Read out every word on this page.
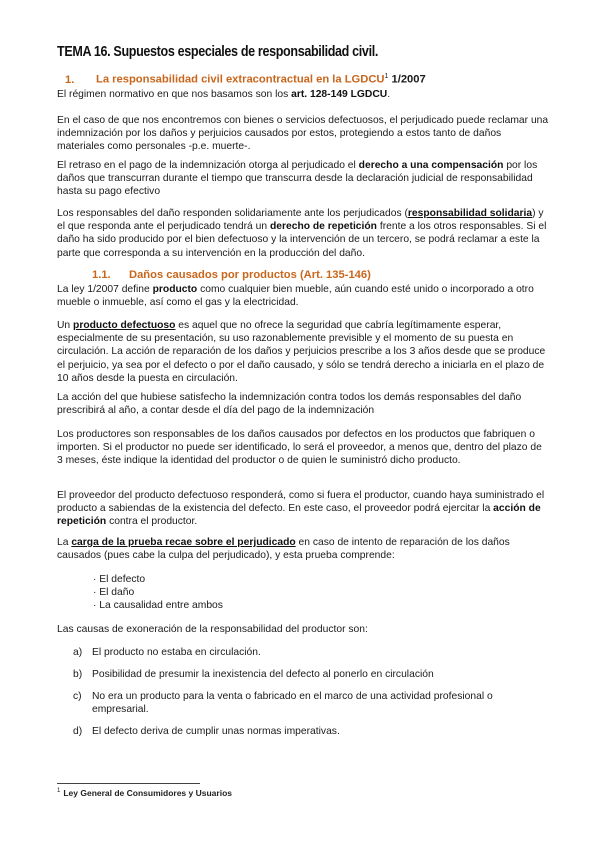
TEMA 16. Supuestos especiales de responsabilidad civil.
1. La responsabilidad civil extracontractual en la LGDCU$^1$ 1/2007
El régimen normativo en que nos basamos son los art. 128-149 LGDCU.
En el caso de que nos encontremos con bienes o servicios defectuosos, el perjudicado puede reclamar una indemnización por los daños y perjuicios causados por estos, protegiendo a estos tanto de daños materiales como personales -p.e. muerte-.
El retraso en el pago de la indemnización otorga al perjudicado el derecho a una compensación por los daños que transcurran durante el tiempo que transcurra desde la declaración judicial de responsabilidad hasta su pago efectivo
Los responsables del daño responden solidariamente ante los perjudicados (responsabilidad solidaria) y el que responda ante el perjudicado tendrá un derecho de repetición frente a los otros responsables. Si el daño ha sido producido por el bien defectuoso y la intervención de un tercero, se podrá reclamar a este la parte que corresponda a su intervención en la producción del daño.
1.1. Daños causados por productos (Art. 135-146)
La ley 1/2007 define producto como cualquier bien mueble, aún cuando esté unido o incorporado a otro mueble o inmueble, así como el gas y la electricidad.
Un producto defectuoso es aquel que no ofrece la seguridad que cabría legítimamente esperar, especialmente de su presentación, su uso razonablemente previsible y el momento de su puesta en circulación. La acción de reparación de los daños y perjuicios prescribe a los 3 años desde que se produce el perjuicio, ya sea por el defecto o por el daño causado, y sólo se tendrá derecho a iniciarla en el plazo de 10 años desde la puesta en circulación.
La acción del que hubiese satisfecho la indemnización contra todos los demás responsables del daño prescribirá al año, a contar desde el día del pago de la indemnización
Los productores son responsables de los daños causados por defectos en los productos que fabriquen o importen. Si el productor no puede ser identificado, lo será el proveedor, a menos que, dentro del plazo de 3 meses, éste indique la identidad del productor o de quien le suministró dicho producto.
El proveedor del producto defectuoso responderá, como si fuera el productor, cuando haya suministrado el producto a sabiendas de la existencia del defecto. En este caso, el proveedor podrá ejercitar la acción de repetición contra el productor.
La carga de la prueba recae sobre el perjudicado en caso de intento de reparación de los daños causados (pues cabe la culpa del perjudicado), y esta prueba comprende:
· El defecto
· El daño
· La causalidad entre ambos
Las causas de exoneración de la responsabilidad del productor son:
a) El producto no estaba en circulación.
b) Posibilidad de presumir la inexistencia del defecto al ponerlo en circulación
c)	No era un producto para la venta o fabricado en el marco de una actividad profesional o empresarial.
d) El defecto deriva de cumplir unas normas imperativas.
$^1$ Ley General de Consumidores y Usuarios
